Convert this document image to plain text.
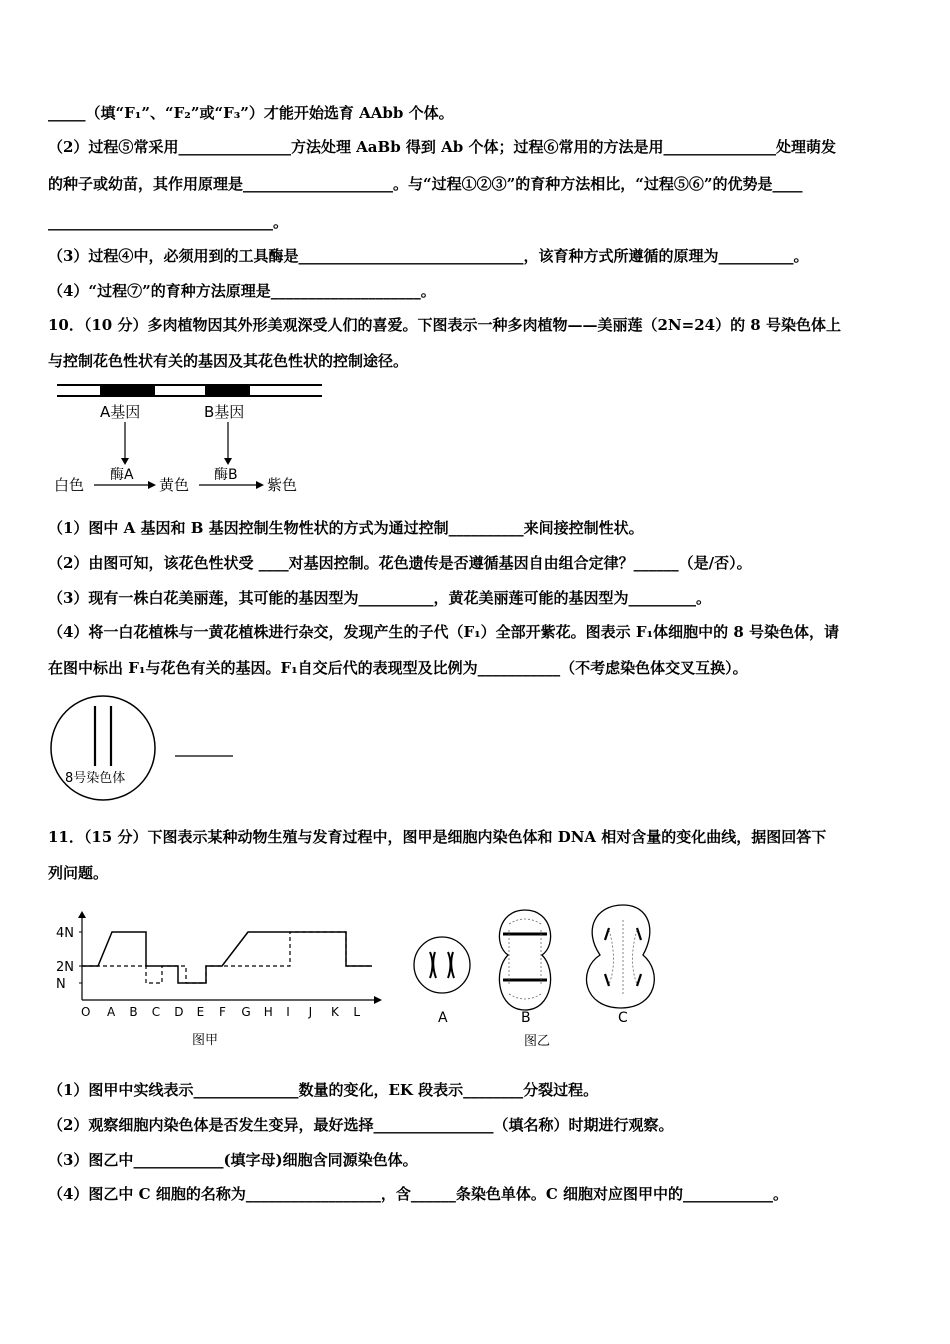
_____（填“F₁”、“F₂”或“F₃”）才能开始选育 AAbb 个体。
（2）过程⑤常采用_______________方法处理 AaBb 得到 Ab 个体；过程⑥常用的方法是用_______________处理萌发
的种子或幼苗，其作用原理是____________________。与“过程①②③”的育种方法相比，“过程⑤⑥”的优势是____
______________________________。
（3）过程④中，必须用到的工具酶是______________________________，该育种方式所遵循的原理为__________。
（4）“过程⑦”的育种方法原理是____________________。
10．（10 分）多肉植物因其外形美观深受人们的喜爱。下图表示一种多肉植物——美丽莲（2N=24）的 8 号染色体上
与控制花色性状有关的基因及其花色性状的控制途径。
A基因	B基因
酶A	酶B
白色	黄色	紫色
（1）图中 A 基因和 B 基因控制生物性状的方式为通过控制__________来间接控制性状。
（2）由图可知，该花色性状受 ____对基因控制。花色遗传是否遵循基因自由组合定律？______（是/否）。
（3）现有一株白花美丽莲，其可能的基因型为__________，黄花美丽莲可能的基因型为_________。
（4）将一白花植株与一黄花植株进行杂交，发现产生的子代（F₁）全部开紫花。图表示 F₁体细胞中的 8 号染色体，请
在图中标出 F₁与花色有关的基因。F₁自交后代的表现型及比例为___________（不考虑染色体交叉互换）。
8号染色体
11．（15 分）下图表示某种动物生殖与发育过程中，图甲是细胞内染色体和 DNA 相对含量的变化曲线，据图回答下
列问题。
4N
2N
N
O A B C D E F G H I J K L
图甲
A	B	C
图乙
（1）图甲中实线表示______________数量的变化，EK 段表示________分裂过程。
（2）观察细胞内染色体是否发生变异，最好选择________________（填名称）时期进行观察。
（3）图乙中____________(填字母)细胞含同源染色体。
（4）图乙中 C 细胞的名称为__________________，含______条染色单体。C 细胞对应图甲中的____________。
